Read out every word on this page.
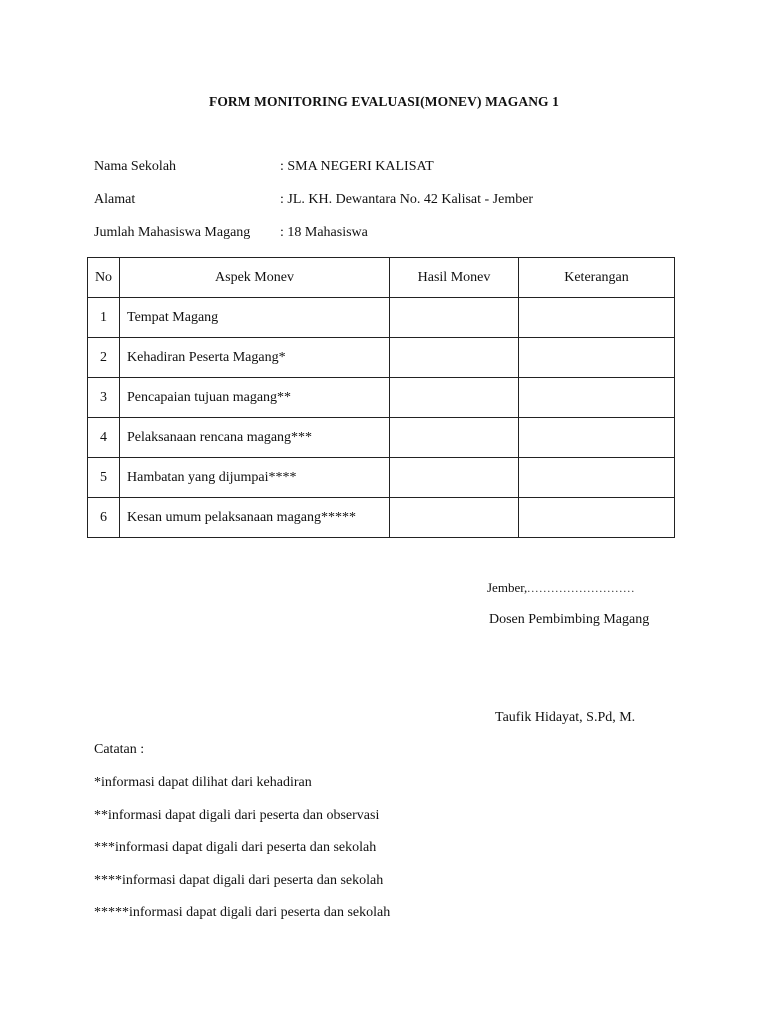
FORM MONITORING EVALUASI(MONEV) MAGANG 1
Nama Sekolah	: SMA NEGERI KALISAT
Alamat	: JL. KH. Dewantara No. 42 Kalisat - Jember
Jumlah Mahasiswa Magang	: 18 Mahasiswa
No	Aspek Monev	Hasil Monev	Keterangan
1	Tempat Magang		
2	Kehadiran Peserta Magang*		
3	Pencapaian tujuan magang**		
4	Pelaksanaan rencana magang***		
5	Hambatan yang dijumpai****		
6	Kesan umum pelaksanaan magang*****		
Jember,...........................
Dosen Pembimbing Magang
Taufik Hidayat, S.Pd, M.
Catatan :
*informasi dapat dilihat dari kehadiran
**informasi dapat digali dari peserta dan observasi
***informasi dapat digali dari peserta dan sekolah
****informasi dapat digali dari peserta dan sekolah
*****informasi dapat digali dari peserta dan sekolah
